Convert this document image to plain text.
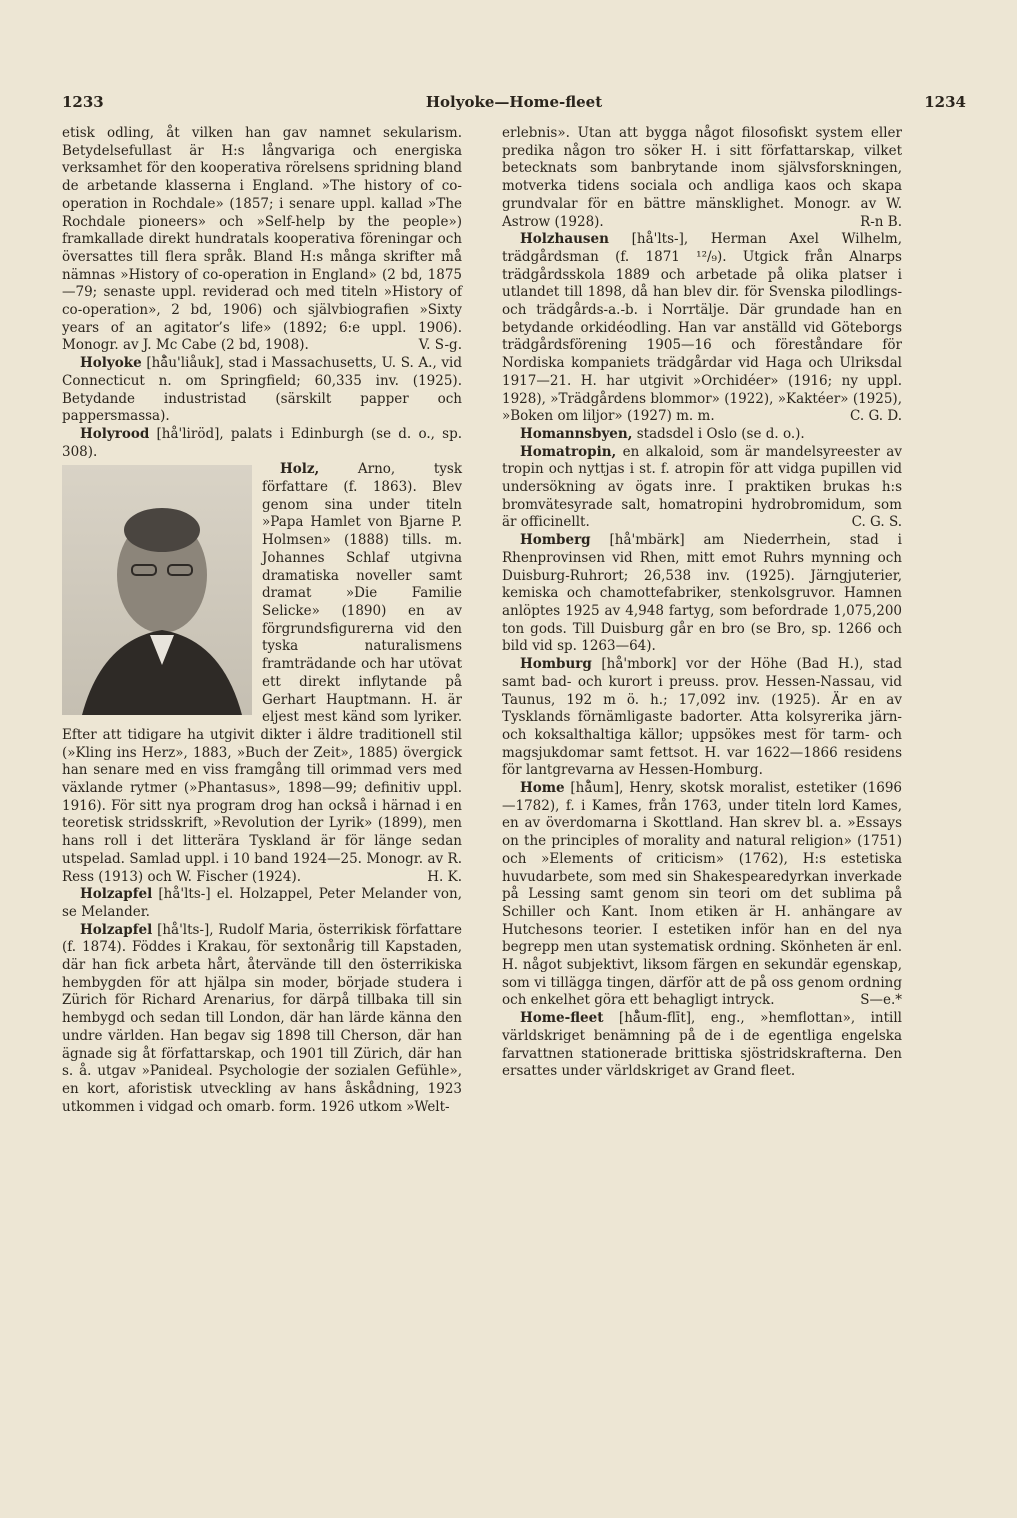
1233	Holyoke—Home-fleet	1234

etisk odling, åt vilken han gav namnet sekularism. Betydelsefullast är H:s långvariga och energiska verksamhet för den kooperativa rörelsens spridning bland de arbetande klasserna i England. »The history of co-operation in Rochdale» (1857; i senare uppl. kallad »The Rochdale pioneers» och »Self-help by the people») framkallade direkt hundratals kooperativa föreningar och översattes till flera språk. Bland H:s många skrifter må nämnas »History of co-operation in England» (2 bd, 1875—79; senaste uppl. reviderad och med titeln »History of co-operation», 2 bd, 1906) och självbiografien »Sixty years of an agitator’s life» (1892; 6:e uppl. 1906). Monogr. av J. Mc Cabe (2 bd, 1908).	V. S-g.

Holyoke [hå̄u'liåuk], stad i Massachusetts, U. S. A., vid Connecticut n. om Springfield; 60,335 inv. (1925). Betydande industristad (särskilt papper och pappersmassa).

Holyrood [hå'liröd], palats i Edinburgh (se d. o., sp. 308).

Holz,
Arno, tysk författare (f. 1863). Blev genom sina under titeln »Papa Hamlet von Bjarne P. Holmsen» (1888) tills. m. Johannes Schlaf utgivna dramatiska noveller samt dramat »Die Familie Selicke» (1890) en av förgrundsfigurerna vid den tyska naturalismens framträdande och har utövat ett direkt inflytande på Gerhart Hauptmann. H. är eljest mest känd som lyriker. Efter att tidigare ha utgivit dikter i äldre traditionell stil (»Kling ins Herz», 1883, »Buch der Zeit», 1885) övergick han senare med en viss framgång till orimmad vers med växlande rytmer (»Phantasus», 1898—99; definitiv uppl. 1916). För sitt nya program drog han också i härnad i en teoretisk stridsskrift, »Revolution der Lyrik» (1899), men hans roll i det litterära Tyskland är för länge sedan utspelad. Samlad uppl. i 10 band 1924—25. Monogr. av R. Ress (1913) och W. Fischer (1924).	H. K.

Holzapfel [hå'lts-] el. Holzappel, Peter Melander von, se Melander.

Holzapfel [hå'lts-], Rudolf Maria, österrikisk författare (f. 1874). Föddes i Krakau, för sextonårig till Kapstaden, där han fick arbeta hårt, återvände till den österrikiska hembygden för att hjälpa sin moder, började studera i Zürich för Richard Arenarius, for därpå tillbaka till sin hembygd och sedan till London, där han lärde känna den undre världen. Han begav sig 1898 till Cherson, där han ägnade sig åt författarskap, och 1901 till Zürich, där han s. å. utgav »Panideal. Psychologie der sozialen Gefühle», en kort, aforistisk utveckling av hans åskådning, 1923 utkommen i vidgad och omarb. form. 1926 utkom »Welt-

erlebnis». Utan att bygga något filosofiskt system eller predika någon tro söker H. i sitt författarskap, vilket betecknats som banbrytande inom självsforskningen, motverka tidens sociala och andliga kaos och skapa grundvalar för en bättre mänsklighet. Monogr. av W. Astrow (1928).	R-n B.

Holzhausen [hå'lts-], Herman Axel Wilhelm, trädgårdsman (f. 1871 ¹²/₉). Utgick från Alnarps trädgårdsskola 1889 och arbetade på olika platser i utlandet till 1898, då han blev dir. för Svenska pilodlings- och trädgårds-a.-b. i Norrtälje. Där grundade han en betydande orkidéodling. Han var anställd vid Göteborgs trädgårdsförening 1905—16 och föreståndare för Nordiska kompaniets trädgårdar vid Haga och Ulriksdal 1917—21. H. har utgivit »Orchidéer» (1916; ny uppl. 1928), »Trädgårdens blommor» (1922), »Kaktéer» (1925), »Boken om liljor» (1927) m. m.	C. G. D.

Homannsbyen, stadsdel i Oslo (se d. o.).

Homatropin, en alkaloid, som är mandelsyreester av tropin och nyttjas i st. f. atropin för att vidga pupillen vid undersökning av ögats inre. I praktiken brukas h:s bromvätesyrade salt, homatropini hydrobromidum, som är officinellt.	C. G. S.

Homberg [hå'mbärk] am Niederrhein, stad i Rhenprovinsen vid Rhen, mitt emot Ruhrs mynning och Duisburg-Ruhrort; 26,538 inv. (1925). Järngjuterier, kemiska och chamottefabriker, stenkolsgruvor. Hamnen anlöptes 1925 av 4,948 fartyg, som befordrade 1,075,200 ton gods. Till Duisburg går en bro (se Bro, sp. 1266 och bild vid sp. 1263—64).

Homburg [hå'mbork] vor der Höhe (Bad H.), stad samt bad- och kurort i preuss. prov. Hessen-Nassau, vid Taunus, 192 m ö. h.; 17,092 inv. (1925). Är en av Tysklands förnämligaste badorter. Atta kolsyrerika järn- och koksalthaltiga källor; uppsökes mest för tarm- och magsjukdomar samt fettsot. H. var 1622—1866 residens för lantgrevarna av Hessen-Homburg.

Home [hå̄um], Henry, skotsk moralist, estetiker (1696—1782), f. i Kames, från 1763, under titeln lord Kames, en av överdomarna i Skottland. Han skrev bl. a. »Essays on the principles of morality and natural religion» (1751) och »Elements of criticism» (1762), H:s estetiska huvudarbete, som med sin Shakespearedyrkan inverkade på Lessing samt genom sin teori om det sublima på Schiller och Kant. Inom etiken är H. anhängare av Hutchesons teorier. I estetiken inför han en del nya begrepp men utan systematisk ordning. Skönheten är enl. H. något subjektivt, liksom färgen en sekundär egenskap, som vi tillägga tingen, därför att de på oss genom ordning och enkelhet göra ett behagligt intryck.	S—e.*

Home-fleet [hå̄um-flīt], eng., »hemflottan», intill världskriget benämning på de i de egentliga engelska farvattnen stationerade brittiska sjöstridskrafterna. Den ersattes under världskriget av Grand fleet.
